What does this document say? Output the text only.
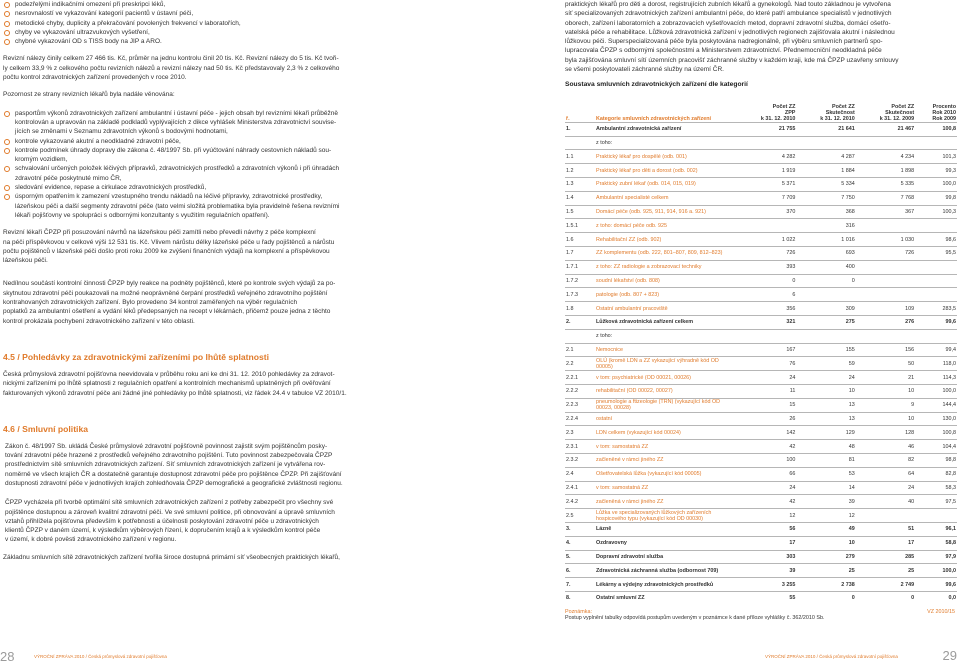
podezřelými indikačními omezení při preskripci léků,
nesrovnalostí ve vykazování kategorií pacientů v ústavní péči,
metodické chyby, duplicity a překračování povolených frekvencí v laboratořích,
chyby ve vykazování ultrazvukových vyšetření,
chybné vykazování OD s TISS body na JIP a ARO.

Revizní nálezy činily celkem 27 466 tis. Kč, průměr na jednu kontrolu činil 20 tis. Kč. Revizní nálezy do 5 tis. Kč tvoři-
ly celkem 33,9 % z celkového počtu revizních nálezů a revizní nálezy nad 50 tis. Kč představovaly 2,3 % z celkového
počtu kontrol zdravotnických zařízení provedených v roce 2010.

Pozornost ze strany revizních lékařů byla nadále věnována:

pasportům výkonů zdravotnických zařízení ambulantní i ústavní péče - jejich obsah byl revizními lékaři průběžně
kontrolován a upravován na základě podkladů vyplývajících z dikce vyhlášek Ministerstva zdravotnictví souvise-
jících se změnami v Seznamu zdravotních výkonů s bodovými hodnotami,
kontrole vykazované akutní a neodkladné zdravotní péče,
kontrole podmínek úhrady dopravy dle zákona č. 48/1997 Sb. při vyúčtování náhrady cestovních nákladů sou-
kromým vozidlem,
schvalování určených položek léčivých přípravků, zdravotnických prostředků a zdravotních výkonů i při úhradách
zdravotní péče poskytnuté mimo ČR,
sledování evidence, repase a cirkulace zdravotnických prostředků,
úsporným opatřením k zamezení vzestupného trendu nákladů na léčivé přípravky, zdravotnické prostředky,
lázeňskou péči a další segmenty zdravotní péče (tato velmi složitá problematika byla pravidelně řešena revizními
lékaři pojišťovny ve spolupráci s odbornými konzultanty s využitím regulačních opatření).

Revizní lékaři ČPZP při posuzování návrhů na lázeňskou péči zamítli nebo převedli návrhy z péče komplexní
na péči příspěvkovou v celkové výši 12 531 tis. Kč. Vlivem nárůstu délky lázeňské péče u řady pojištěnců a nárůstu
počtu pojištěnců v lázeňské péči došlo proti roku 2009 ke zvýšení finančních výdajů na komplexní a příspěvkovou
lázeňskou péči.

Nedílnou součástí kontrolní činnosti ČPZP byly reakce na podněty pojištěnců, které po kontrole svých výdajů za po-
skytnutou zdravotní péči poukazovali na možné neoprávněné čerpání prostředků veřejného zdravotního pojištění
kontrahovaných zdravotnických zařízení. Bylo provedeno 34 kontrol zaměřených na výběr regulačních
poplatků za ambulantní ošetření a vydání léků předepsaných na recept v lékárnách, přičemž pouze jedna z těchto
kontrol prokázala pochybení zdravotnického zařízení v této oblasti.

4.5 / Pohledávky za zdravotnickými zařízeními po lhůtě splatnosti

Česká průmyslová zdravotní pojišťovna neevidovala v průběhu roku ani ke dni 31. 12. 2010 pohledávky za zdravot-
nickými zařízeními po lhůtě splatnosti z regulačních opatření a kontrolních mechanismů uplatněných při ověřování
fakturovaných výkonů zdravotní péče ani žádné jiné pohledávky po lhůtě splatnosti, viz řádek 24.4 v tabulce VZ 2010/1.

4.6 / Smluvní politika

Zákon č. 48/1997 Sb. ukládá České průmyslové zdravotní pojišťovně povinnost zajistit svým pojištěncům posky-
tování zdravotní péče hrazené z prostředků veřejného zdravotního pojištění. Tuto povinnost zabezpečovala ČPZP
prostřednictvím sítě smluvních zdravotnických zařízení. Síť smluvních zdravotnických zařízení je vytvářena rov-
noměrně ve všech krajích ČR a dostatečně garantuje dostupnost zdravotní péče pro pojištěnce ČPZP. Při zajišťování
dostupnosti zdravotní péče v jednotlivých krajích zohledňovala ČPZP demografické a geografické zvláštnosti regionu.

ČPZP vycházela při tvorbě optimální sítě smluvních zdravotnických zařízení z potřeby zabezpečit pro všechny své
pojištěnce dostupnou a zároveň kvalitní zdravotní péči. Ve své smluvní politice, při obnovování a úpravě smluvních
vztahů přihlížela pojišťovna především k potřebnosti a účelnosti poskytování zdravotní péče u zdravotnických
klientů ČPZP v daném území, k výsledkům výběrových řízení, k dopručením krajů a k výsledkům kontrol péče
v území, k dobré pověsti zdravotnického zařízení v regionu.

Základnu smluvních sítě zdravotnických zařízení tvořila široce dostupná primární síť všeobecných praktických lékařů,

praktických lékařů pro děti a dorost, registrujících zubních lékařů a gynekologů. Nad touto základnou je vytvořena
síť specializovaných zdravotnických zařízení ambulantní péče, do které patří ambulance specialistů v jednotlivých
oborech, zařízení laboratorních a zobrazovacích vyšetřovacích metod, dopravní zdravotní služba, domácí ošetřo-
vatelská péče a rehabilitace. Lůžková zdravotnická zařízení v jednotlivých regionech zajišťovala akutní i následnou
lůžkovou péči. Superspecializovaná péče byla poskytována nadregionálně, při výběru smluvních partnerů spo-
lupracovala ČPZP s odbornými společnostmi a Ministerstvem zdravotnictví. Přednemocniční neodkladná péče
byla zajišťována smluvní sítí územních pracovišť záchranné služby v každém kraji, kde má ČPZP uzavřeny smlouvy
se všemi poskytovateli záchranné služby na území ČR.

Soustava smluvních zdravotnických zařízení dle kategorií
ř.	Kategorie smluvních zdravotnických zařízení	Počet ZZ
ZPP
k 31. 12. 2010	Počet ZZ
Skutečnost
k 31. 12. 2010	Počet ZZ
Skutečnost
k 31. 12. 2009	Procento
Rok 2010
Rok 2009
1.	Ambulantní zdravotnická zařízení	21 755	21 641	21 467	100,8
	z toho:				
1.1	Praktický lékař pro dospělé (odb. 001)	4 282	4 287	4 234	101,3
1.2	Praktický lékař pro děti a dorost (odb. 002)	1 919	1 884	1 898	99,3
1.3	Praktický zubní lékař (odb. 014, 015, 019)	5 371	5 334	5 335	100,0
1.4	Ambulantní specialisté celkem	7 709	7 750	7 768	99,8
1.5	Domácí péče (odb. 925, 911, 914, 916 a. 921)	370	368	367	100,3
1.5.1	z toho: domácí péče odb. 925		316		
1.6	Rehabilitační ZZ (odb. 902)	1 022	1 016	1 030	98,6
1.7	ZZ komplementu (odb. 222, 801–807, 809, 812–823)	726	693	726	95,5
1.7.1	z toho: ZZ radiologie a zobrazovací techniky	393	400		
1.7.2	soudní lékařství (odb. 808)	0	0		
1.7.3	patologie (odb. 807 + 823)	6			
1.8	Ostatní ambulantní pracoviště	356	309	109	283,5
2.	Lůžková zdravotnická zařízení celkem	321	275	276	99,6
	z toho:				
2.1	Nemocnice	167	155	156	99,4
2.2	OLÚ (kromě LDN a ZZ vykazující výhradně kód OD 00005)	76	59	50	118,0
2.2.1	v tom: psychiatrické (OD 00021, 00026)	24	24	21	114,3
2.2.2	rehabilitační (OD 00022, 00027)	11	10	10	100,0
2.2.3	pneumologie a ftizeologie (TRN) (vykazující kód OD 00023, 00028)	15	13	9	144,4
2.2.4	ostatní	26	13	10	130,0
2.3	LDN celkem (vykazující kód 00024)	142	129	128	100,8
2.3.1	v tom: samostatná ZZ	42	48	46	104,4
2.3.2	začleněné v rámci jiného ZZ	100	81	82	98,8
2.4	Ošetřovatelská lůžka (vykazující kód 00005)	66	53	64	82,8
2.4.1	v tom: samostatná ZZ	24	14	24	58,3
2.4.2	začleněná v rámci jiného ZZ	42	39	40	97,5
2.5	Lůžka ve specializovaných lůžkových zařízeních hospicového typu (vykazující kód OD 00030)	12	12		
3.	Lázně	56	49	51	96,1
4.	Ozdravovny	17	10	17	58,8
5.	Dopravní zdravotní služba	303	279	285	97,9
6.	Zdravotnická záchranná služba (odbornost 709)	39	25	25	100,0
7.	Lékárny a výdejny zdravotnických prostředků	3 255	2 738	2 749	99,6
8.	Ostatní smluvní ZZ	55	0	0	0,0
Poznámka:	VZ 2010/15

Postup vyplnění tabulky odpovídá postupům uvedeným v poznámce k dané příloze vyhlášky č. 362/2010 Sb.
28	VÝROČNÍ ZPRÁVA 2010 / Česká průmyslová zdravotní pojišťovna	VÝROČNÍ ZPRÁVA 2010 / Česká průmyslová zdravotní pojišťovna	29
